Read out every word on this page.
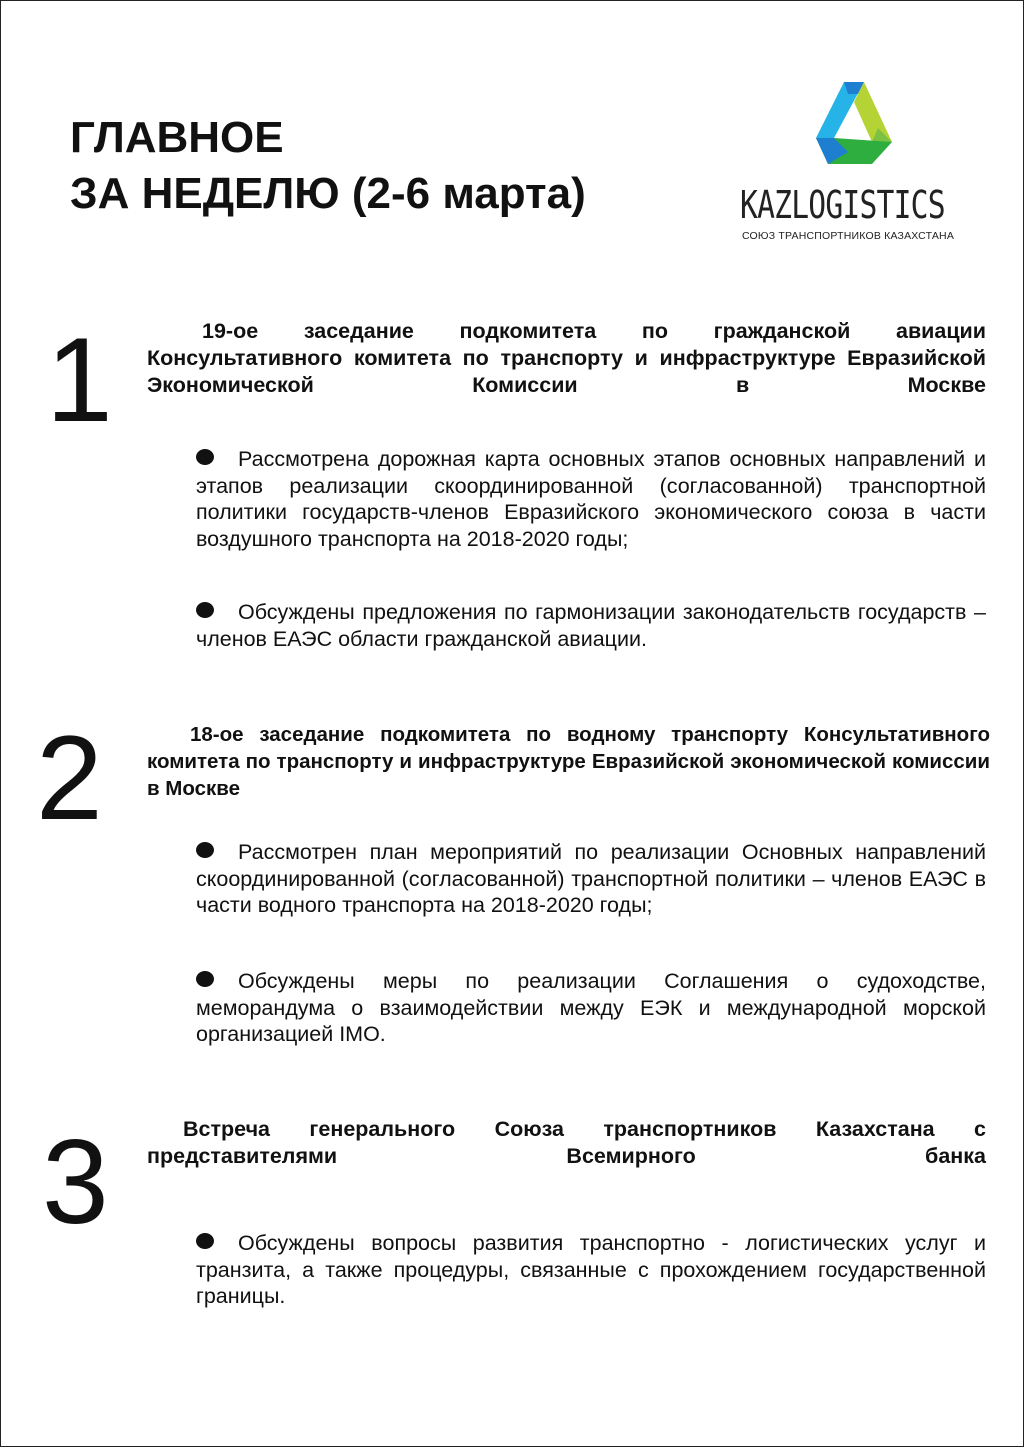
ГЛАВНОЕ
ЗА НЕДЕЛЮ (2-6 марта)	KAZLOGISTICS
СОЮЗ ТРАНСПОРТНИКОВ КАЗАХСТАНА
1	19-ое заседание подкомитета по гражданской авиации Консультативного комитета по транспорту и инфраструктуре Евразийской Экономической Комиссии в Москве
Рассмотрена дорожная карта основных этапов основных направлений и этапов реализации скоординированной (согласованной) транспортной политики государств-членов Евразийского экономического союза в части воздушного транспорта на 2018-2020 годы;
Обсуждены предложения по гармонизации законодательств государств – членов ЕАЭС области гражданской авиации.
2	18-ое заседание подкомитета по водному транспорту Консультативного комитета по транспорту и инфраструктуре Евразийской экономической комиссии в Москве
Рассмотрен план мероприятий по реализации Основных направлений скоординированной (согласованной) транспортной политики – членов ЕАЭС в части водного транспорта на 2018-2020 годы;
Обсуждены меры по реализации Соглашения о судоходстве, меморандума о взаимодействии между ЕЭК и международной морской организацией IMO.
3	Встреча генерального Союза транспортников Казахстана с представителями Всемирного банка
Обсуждены вопросы развития транспортно - логистических услуг и транзита, а также процедуры, связанные с прохождением государственной границы.
